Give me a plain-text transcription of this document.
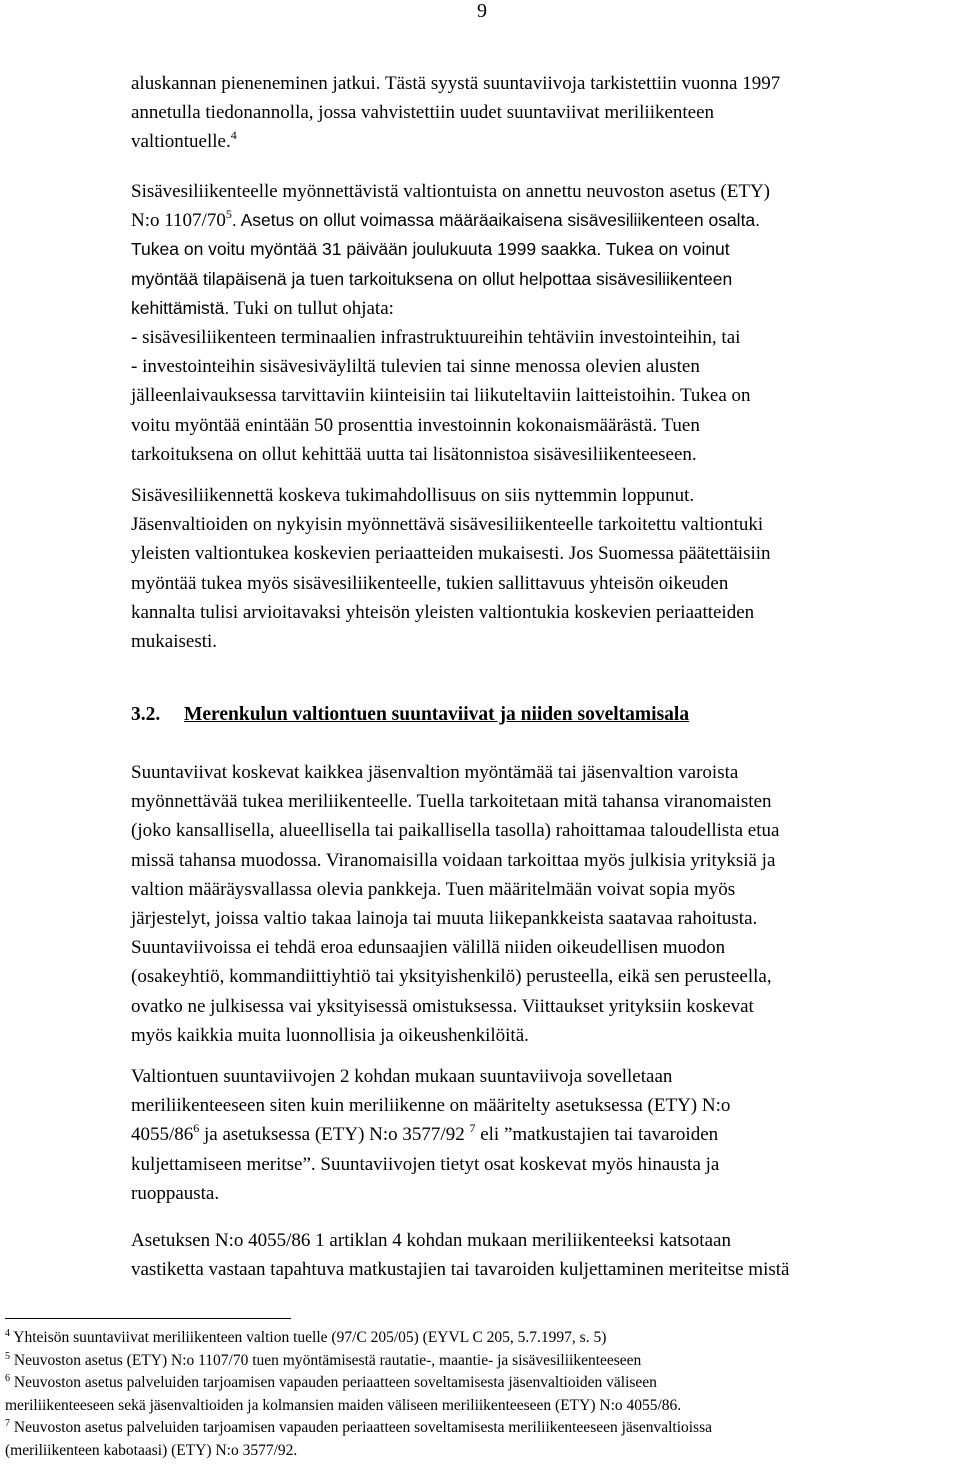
9
aluskannan pieneneminen jatkui. Tästä syystä suuntaviivoja tarkistettiin vuonna 1997
annetulla tiedonannolla, jossa vahvistettiin uudet suuntaviivat meriliikenteen
valtiontuelle.$^4$
Sisävesiliikenteelle myönnettävistä valtiontuista on annettu neuvoston asetus (ETY)
N:o $1107/70^5$. Asetus on ollut voimassa määräaikaisena sisävesiliikenteen osalta.
Tukea on voitu myöntää 31 päivään joulukuuta 1999 saakka. Tukea on voinut
myöntää tilapäisenä ja tuen tarkoituksena on ollut helpottaa sisävesiliikenteen
kehittämistä. Tuki on tullut ohjata:
- sisävesiliikenteen terminaalien infrastruktuureihin tehtäviin investointeihin, tai
- investointeihin sisävesiväyliltä tulevien tai sinne menossa olevien alusten
jälleenlaivauksessa tarvittaviin kiinteisiin tai liikuteltaviin laitteistoihin. Tukea on
voitu myöntää enintään 50 prosenttia investoinnin kokonaismäärästä. Tuen
tarkoituksena on ollut kehittää uutta tai lisätonnistoa sisävesiliikenteeseen.
Sisävesiliikennettä koskeva tukimahdollisuus on siis nyttemmin loppunut.
Jäsenvaltioiden on nykyisin myönnettävä sisävesiliikenteelle tarkoitettu valtiontuki
yleisten valtiontukea koskevien periaatteiden mukaisesti. Jos Suomessa päätettäisiin
myöntää tukea myös sisävesiliikenteelle, tukien sallittavuus yhteisön oikeuden
kannalta tulisi arvioitavaksi yhteisön yleisten valtiontukia koskevien periaatteiden
mukaisesti.
3.2. Merenkulun valtiontuen suuntaviivat ja niiden soveltamisala
Suuntaviivat koskevat kaikkea jäsenvaltion myöntämää tai jäsenvaltion varoista
myönnettävää tukea meriliikenteelle. Tuella tarkoitetaan mitä tahansa viranomaisten
(joko kansallisella, alueellisella tai paikallisella tasolla) rahoittamaa taloudellista etua
missä tahansa muodossa. Viranomaisilla voidaan tarkoittaa myös julkisia yrityksiä ja
valtion määräysvallassa olevia pankkeja. Tuen määritelmään voivat sopia myös
järjestelyt, joissa valtio takaa lainoja tai muuta liikepankkeista saatavaa rahoitusta.
Suuntaviivoissa ei tehdä eroa edunsaajien välillä niiden oikeudellisen muodon
(osakeyhtiö, kommandiittiyhtiö tai yksityishenkilö) perusteella, eikä sen perusteella,
ovatko ne julkisessa vai yksityisessä omistuksessa. Viittaukset yrityksiin koskevat
myös kaikkia muita luonnollisia ja oikeushenkilöitä.
Valtiontuen suuntaviivojen 2 kohdan mukaan suuntaviivoja sovelletaan
meriliikenteeseen siten kuin meriliikenne on määritelty asetuksessa (ETY) N:o
$4055/86^6$ ja asetuksessa (ETY) N:o 3577/92 $^7$ eli ”matkustajien tai tavaroiden
kuljettamiseen meritse”. Suuntaviivojen tietyt osat koskevat myös hinausta ja
ruoppausta.
Asetuksen N:o 4055/86 1 artiklan 4 kohdan mukaan meriliikenteeksi katsotaan
vastiketta vastaan tapahtuva matkustajien tai tavaroiden kuljettaminen meriteitse mistä
$^4$ Yhteisön suuntaviivat meriliikenteen valtion tuelle (97/C 205/05) (EYVL C 205, 5.7.1997, s. 5)
$^5$ Neuvoston asetus (ETY) N:o 1107/70 tuen myöntämisestä rautatie-, maantie- ja sisävesiliikenteeseen
$^6$ Neuvoston asetus palveluiden tarjoamisen vapauden periaatteen soveltamisesta jäsenvaltioiden väliseen
meriliikenteeseen sekä jäsenvaltioiden ja kolmansien maiden väliseen meriliikenteeseen (ETY) N:o 4055/86.
$^7$ Neuvoston asetus palveluiden tarjoamisen vapauden periaatteen soveltamisesta meriliikenteeseen jäsenvaltioissa
(meriliikenteen kabotaasi) (ETY) N:o 3577/92.
